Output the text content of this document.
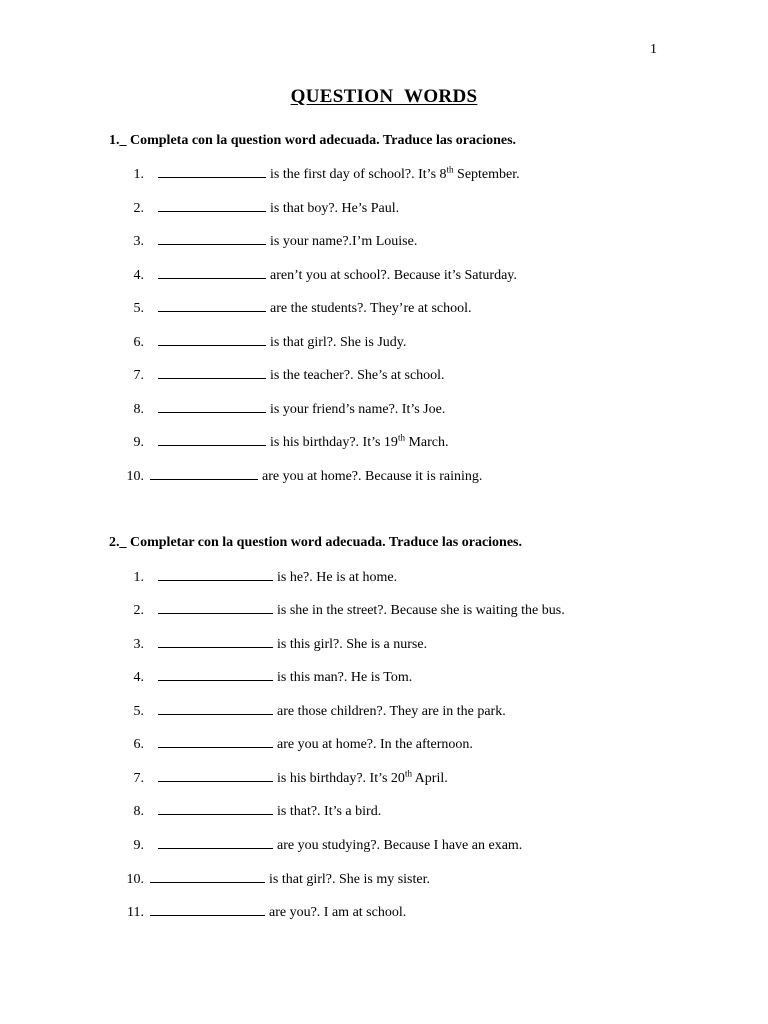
1
QUESTION WORDS
1._ Completa con la question word adecuada. Traduce las oraciones.
1.	is the first day of school?. It’s 8th September.
2.	is that boy?. He’s Paul.
3.	is your name?.I’m Louise.
4.	aren’t you at school?. Because it’s Saturday.
5.	are the students?. They’re at school.
6.	is that girl?. She is Judy.
7.	is the teacher?. She’s at school.
8.	is your friend’s name?. It’s Joe.
9.	is his birthday?. It’s 19th March.
10.	are you at home?. Because it is raining.
2._ Completar con la question word adecuada. Traduce las oraciones.
1.	is he?. He is at home.
2.	is she in the street?. Because she is waiting the bus.
3.	is this girl?. She is a nurse.
4.	is this man?. He is Tom.
5.	are those children?. They are in the park.
6.	are you at home?. In the afternoon.
7.	is his birthday?. It’s 20th April.
8.	is that?. It’s a bird.
9.	are you studying?. Because I have an exam.
10.	is that girl?. She is my sister.
11.	are you?. I am at school.
